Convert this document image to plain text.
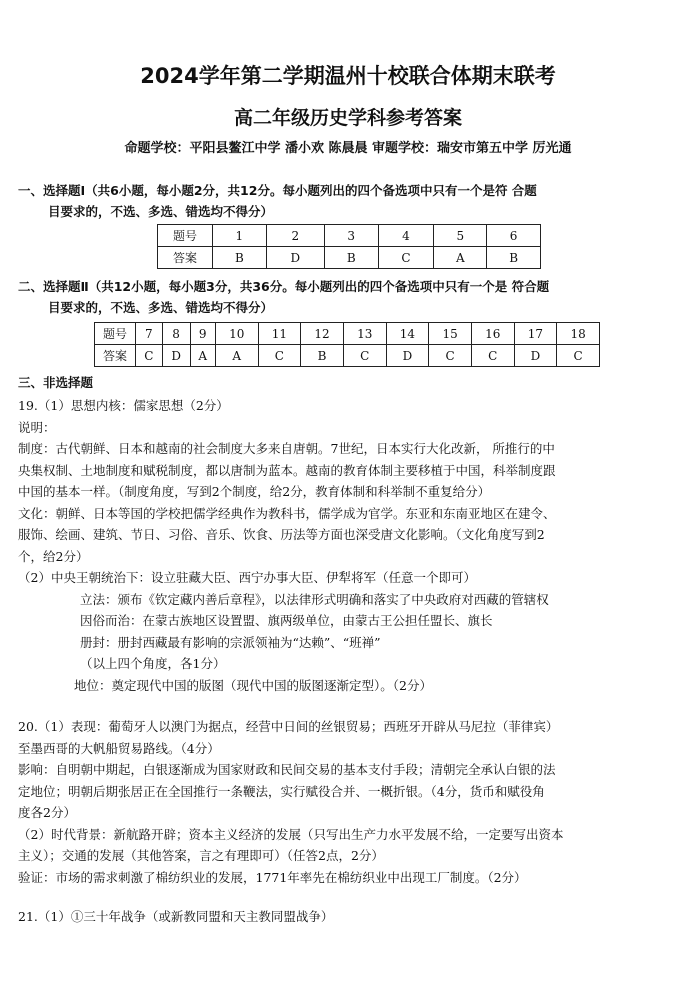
2024学年第二学期温州十校联合体期末联考
高二年级历史学科参考答案
命题学校：平阳县鳌江中学 潘小欢 陈晨晨 审题学校：瑞安市第五中学 厉光通
一、选择题Ⅰ（共6小题，每小题2分，共12分。每小题列出的四个备选项中只有一个是符 合题
目要求的，不选、多选、错选均不得分）
题号	1	2	3	4	5	6
答案	B	D	B	C	A	B
二、选择题Ⅱ（共12小题，每小题3分，共36分。每小题列出的四个备选项中只有一个是 符合题
目要求的，不选、多选、错选均不得分）
题号	7	8	9	10	11	12	13	14	15	16	17	18
答案	C	D	A	A	C	B	C	D	C	C	D	C
三、非选择题

19.（1）思想内核：儒家思想（2分）

说明：

制度：古代朝鲜、日本和越南的社会制度大多来自唐朝。7世纪，日本实行大化改新， 所推行的中

央集权制、土地制度和赋税制度，都以唐制为蓝本。越南的教育体制主要移植于中国，科举制度跟

中国的基本一样。（制度角度，写到2个制度，给2分，教育体制和科举制不重复给分）

文化：朝鲜、日本等国的学校把儒学经典作为教科书，儒学成为官学。东亚和东南亚地区在建令、

服饰、绘画、建筑、节日、习俗、音乐、饮食、历法等方面也深受唐文化影响。（文化角度写到2

个，给2分）

（2）中央王朝统治下：设立驻藏大臣、西宁办事大臣、伊犁将军（任意一个即可）

立法：颁布《钦定藏内善后章程》，以法律形式明确和落实了中央政府对西藏的管辖权

因俗而治：在蒙古族地区设置盟、旗两级单位，由蒙古王公担任盟长、旗长

册封：册封西藏最有影响的宗派领袖为“达赖”、“班禅”

（以上四个角度，各1分）

地位：奠定现代中国的版图（现代中国的版图逐渐定型）。（2分）

20.（1）表现：葡萄牙人以澳门为据点，经营中日间的丝银贸易；西班牙开辟从马尼拉（菲律宾）

至墨西哥的大帆船贸易路线。（4分）

影响：自明朝中期起，白银逐渐成为国家财政和民间交易的基本支付手段；清朝完全承认白银的法

定地位；明朝后期张居正在全国推行一条鞭法，实行赋役合并、一概折银。（4分，货币和赋役角

度各2分）

（2）时代背景：新航路开辟；资本主义经济的发展（只写出生产力水平发展不给，一定要写出资本

主义）；交通的发展（其他答案，言之有理即可）（任答2点，2分）

验证：市场的需求刺激了棉纺织业的发展，1771年率先在棉纺织业中出现工厂制度。（2分）

21.（1）①三十年战争（或新教同盟和天主教同盟战争）
